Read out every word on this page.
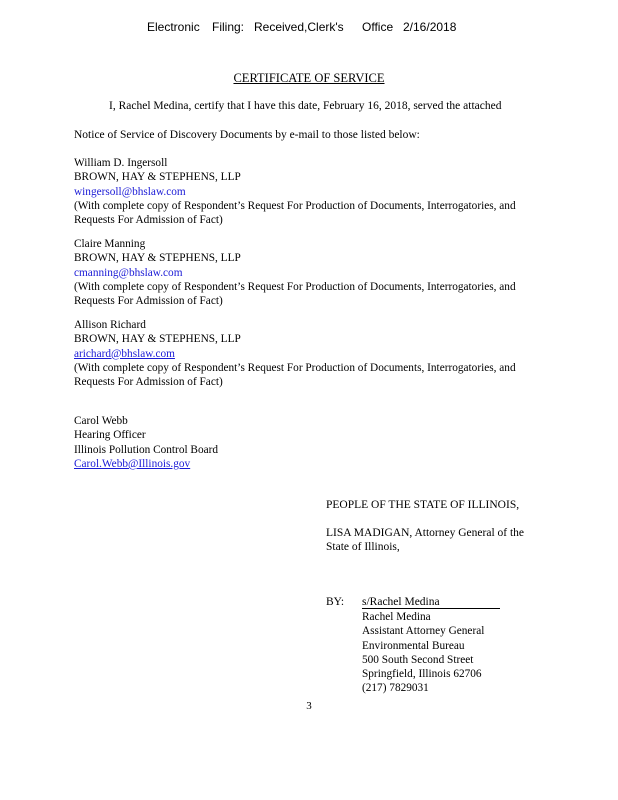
Electronic Filing: Received,Clerk's Office 2/16/2018
CERTIFICATE OF SERVICE
I, Rachel Medina, certify that I have this date, February 16, 2018, served the attached
Notice of Service of Discovery Documents by e-mail to those listed below:
William D. Ingersoll
BROWN, HAY & STEPHENS, LLP
wingersoll@bhslaw.com
(With complete copy of Respondent’s Request For Production of Documents, Interrogatories, and
Requests For Admission of Fact)
Claire Manning
BROWN, HAY & STEPHENS, LLP
cmanning@bhslaw.com
(With complete copy of Respondent’s Request For Production of Documents, Interrogatories, and
Requests For Admission of Fact)
Allison Richard
BROWN, HAY & STEPHENS, LLP
arichard@bhslaw.com
(With complete copy of Respondent’s Request For Production of Documents, Interrogatories, and
Requests For Admission of Fact)
Carol Webb
Hearing Officer
Illinois Pollution Control Board
Carol.Webb@Illinois.gov
PEOPLE OF THE STATE OF ILLINOIS,
LISA MADIGAN, Attorney General of the
State of Illinois,
BY: s/Rachel Medina
Rachel Medina
Assistant Attorney General
Environmental Bureau
500 South Second Street
Springfield, Illinois 62706
(217) 7829031
3
